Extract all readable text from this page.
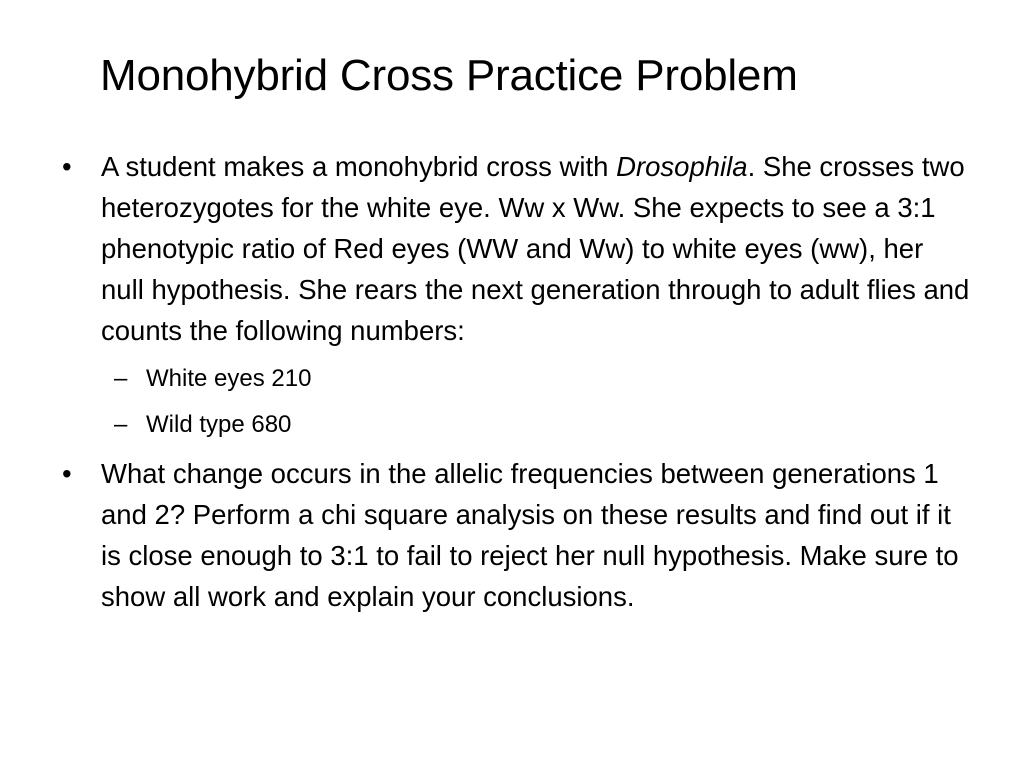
Monohybrid Cross Practice Problem
• A student makes a monohybrid cross with Drosophila. She crosses two heterozygotes for the white eye. Ww x Ww. She expects to see a 3:1 phenotypic ratio of Red eyes (WW and Ww) to white eyes (ww), her null hypothesis. She rears the next generation through to adult flies and counts the following numbers:
– White eyes 210
– Wild type 680
• What change occurs in the allelic frequencies between generations 1 and 2? Perform a chi square analysis on these results and find out if it is close enough to 3:1 to fail to reject her null hypothesis. Make sure to show all work and explain your conclusions.
